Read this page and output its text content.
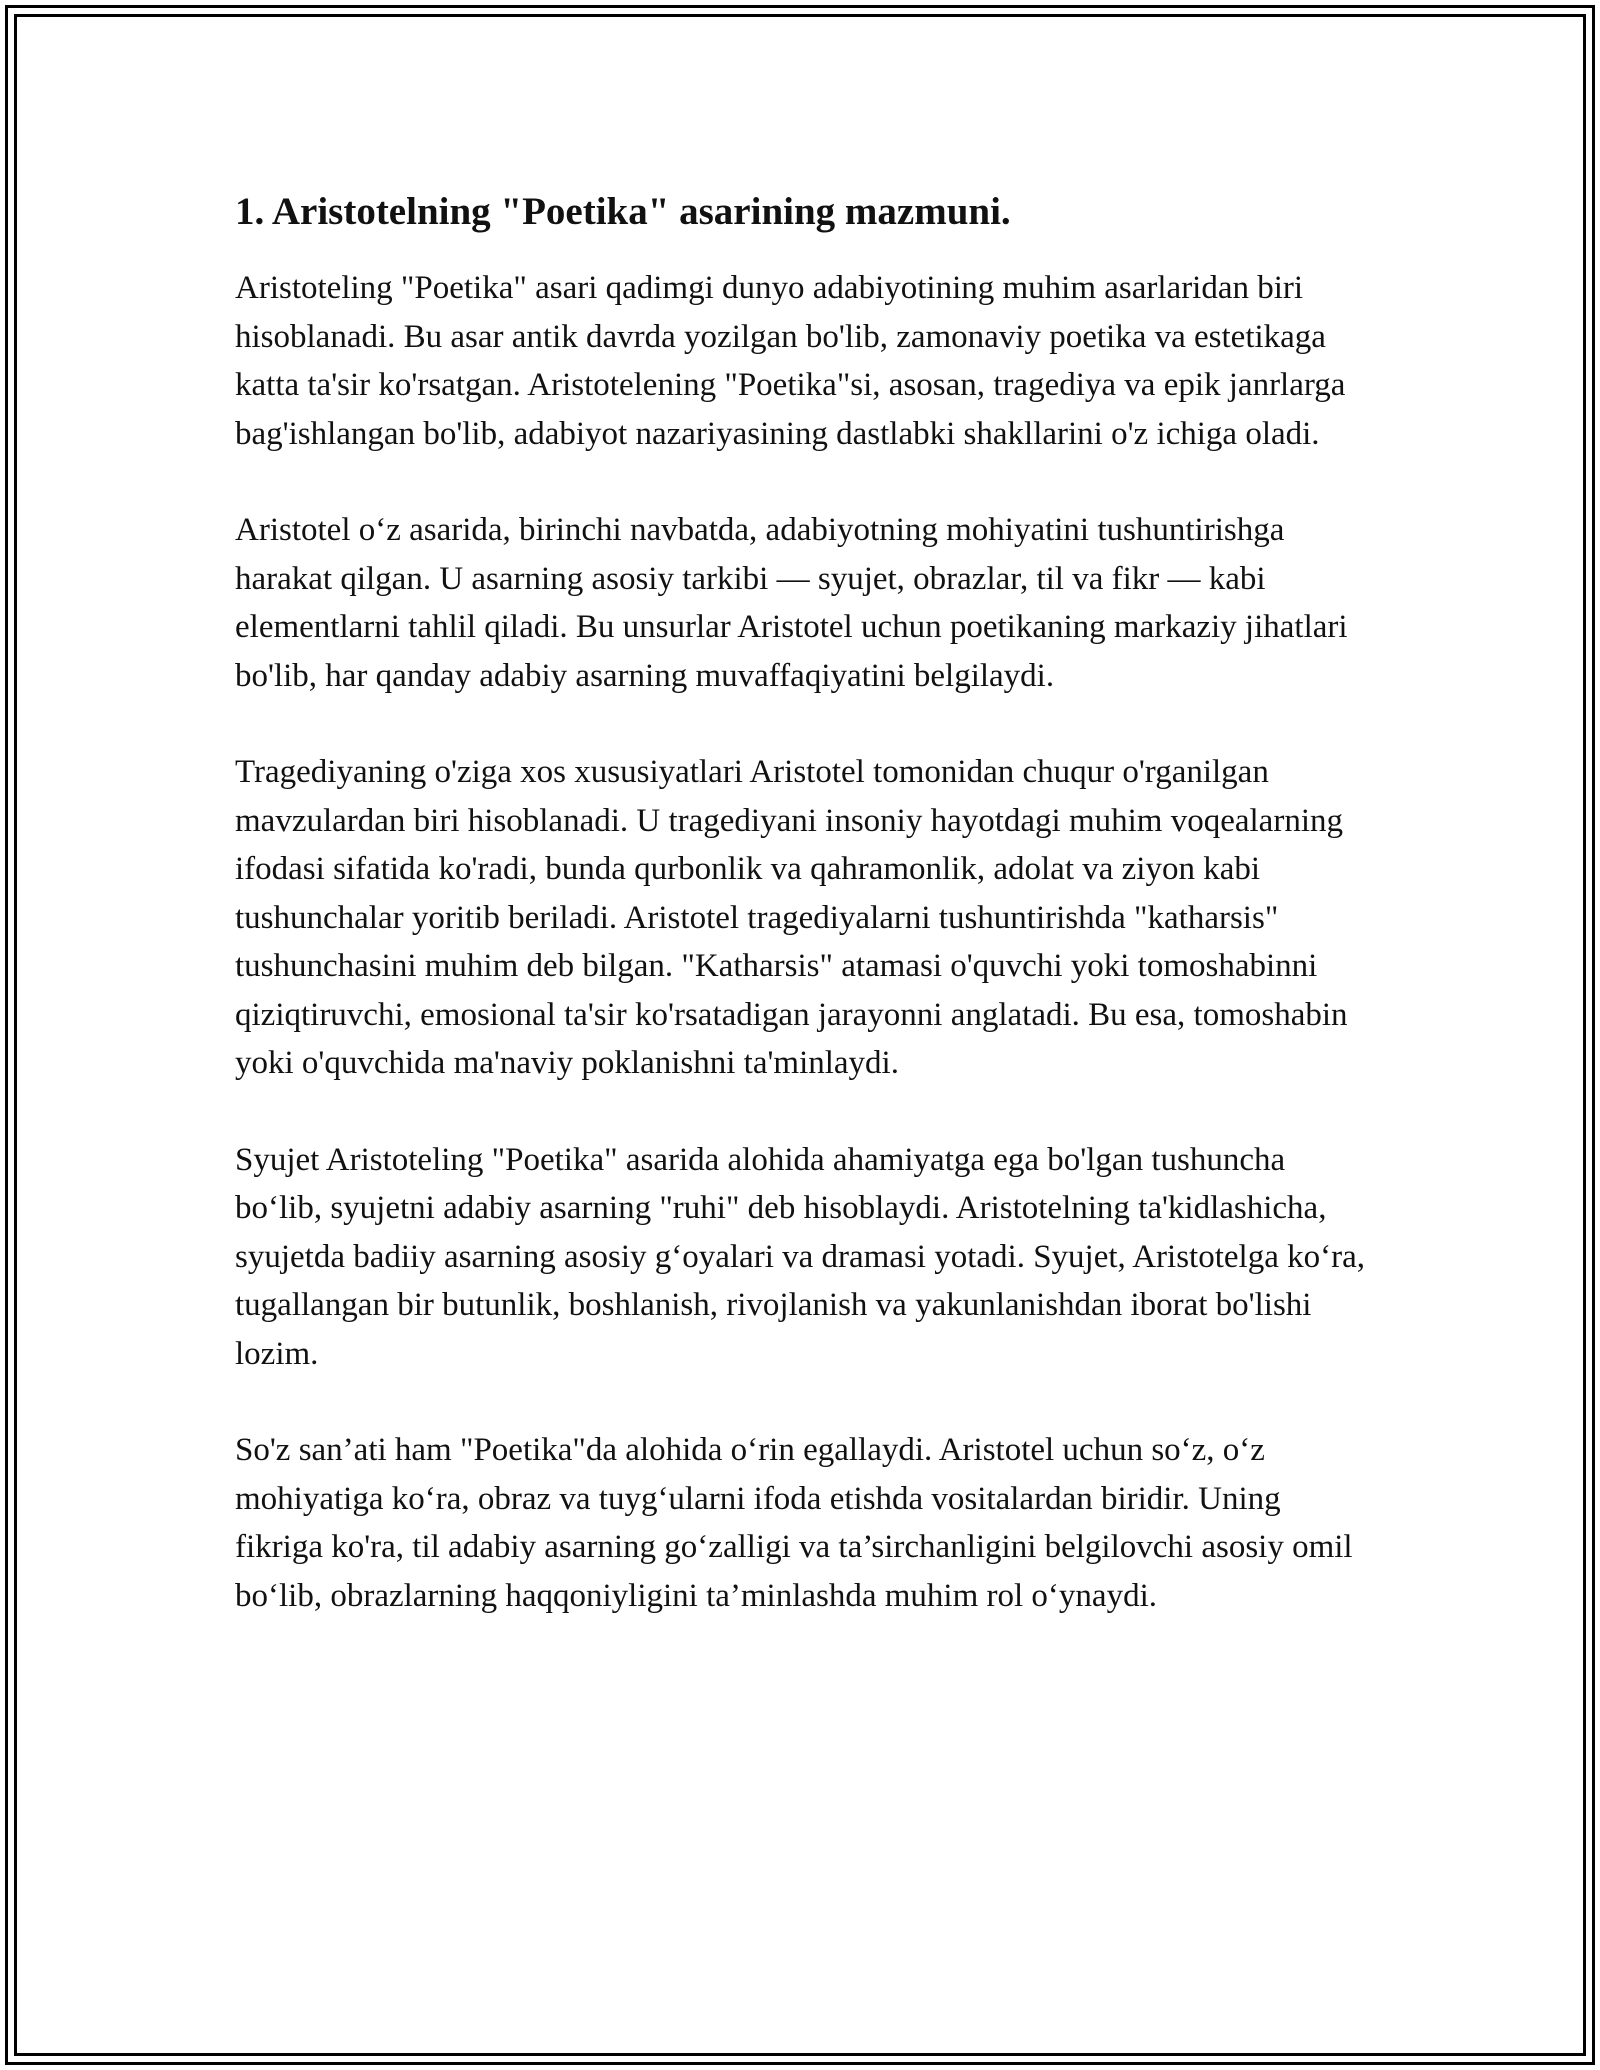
1. Aristotelning "Poetika" asarining mazmuni.

Aristoteling "Poetika" asari qadimgi dunyo adabiyotining muhim asarlaridan biri hisoblanadi. Bu asar antik davrda yozilgan bo'lib, zamonaviy poetika va estetikaga katta ta'sir ko'rsatgan. Aristotelening "Poetika"si, asosan, tragediya va epik janrlarga bag'ishlangan bo'lib, adabiyot nazariyasining dastlabki shakllarini o'z ichiga oladi.

Aristotel o‘z asarida, birinchi navbatda, adabiyotning mohiyatini tushuntirishga harakat qilgan. U asarning asosiy tarkibi — syujet, obrazlar, til va fikr — kabi elementlarni tahlil qiladi. Bu unsurlar Aristotel uchun poetikaning markaziy jihatlari bo'lib, har qanday adabiy asarning muvaffaqiyatini belgilaydi.

Tragediyaning o'ziga xos xususiyatlari Aristotel tomonidan chuqur o'rganilgan mavzulardan biri hisoblanadi. U tragediyani insoniy hayotdagi muhim voqealarning ifodasi sifatida ko'radi, bunda qurbonlik va qahramonlik, adolat va ziyon kabi tushunchalar yoritib beriladi. Aristotel tragediyalarni tushuntirishda "katharsis" tushunchasini muhim deb bilgan. "Katharsis" atamasi o'quvchi yoki tomoshabinni qiziqtiruvchi, emosional ta'sir ko'rsatadigan jarayonni anglatadi. Bu esa, tomoshabin yoki o'quvchida ma'naviy poklanishni ta'minlaydi.

Syujet Aristoteling "Poetika" asarida alohida ahamiyatga ega bo'lgan tushuncha bo‘lib, syujetni adabiy asarning "ruhi" deb hisoblaydi. Aristotelning ta'kidlashicha, syujetda badiiy asarning asosiy g‘oyalari va dramasi yotadi. Syujet, Aristotelga ko‘ra, tugallangan bir butunlik, boshlanish, rivojlanish va yakunlanishdan iborat bo'lishi lozim.

So'z san’ati ham "Poetika"da alohida o‘rin egallaydi. Aristotel uchun so‘z, o‘z mohiyatiga ko‘ra, obraz va tuyg‘ularni ifoda etishda vositalardan biridir. Uning fikriga ko'ra, til adabiy asarning go‘zalligi va ta’sirchanligini belgilovchi asosiy omil bo‘lib, obrazlarning haqqoniyligini ta’minlashda muhim rol o‘ynaydi.
